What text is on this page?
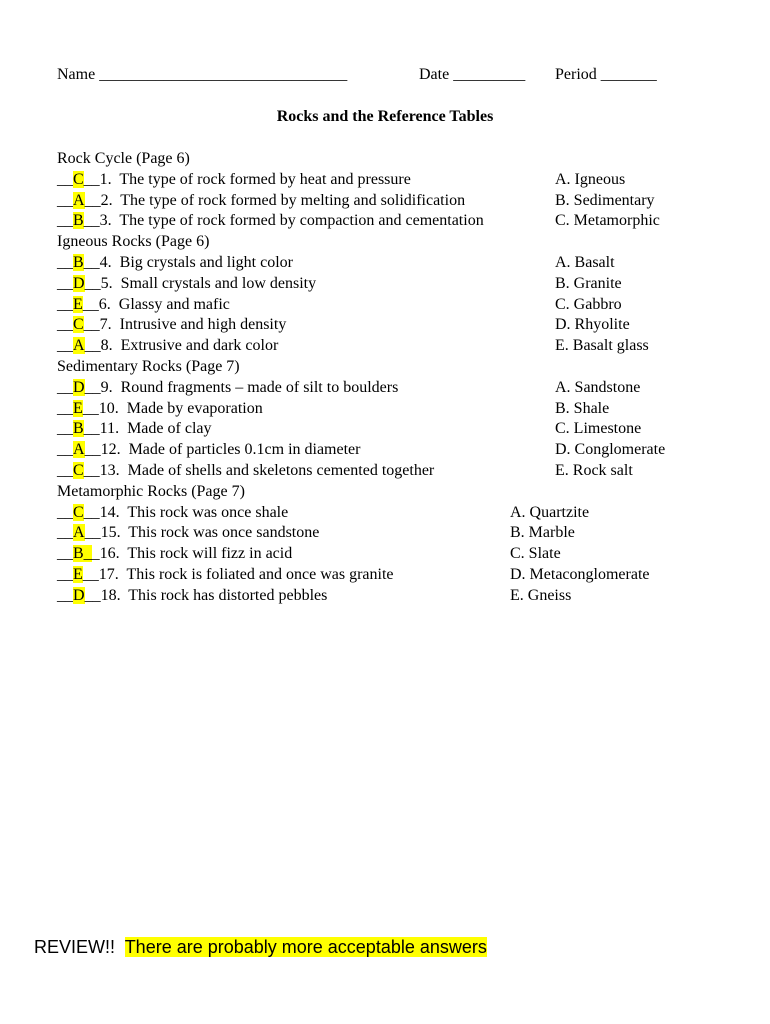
Name _______________________________	Date _________ Period _______
Rocks and the Reference Tables
Rock Cycle (Page 6)
__C__1.  The type of rock formed by heat and pressure	A. Igneous
__A__2.  The type of rock formed by melting and solidification	B. Sedimentary
__B__3.  The type of rock formed by compaction and cementation	C. Metamorphic
Igneous Rocks (Page 6)
__B__4.  Big crystals and light color	A. Basalt
__D__5.  Small crystals and low density	B. Granite
__E__6.  Glassy and mafic	C. Gabbro
__C__7.  Intrusive and high density	D. Rhyolite
__A__8.  Extrusive and dark color	E. Basalt glass
Sedimentary Rocks (Page 7)
__D__9.  Round fragments – made of silt to boulders	A. Sandstone
__E__10.  Made by evaporation	B. Shale
__B__11.  Made of clay	C. Limestone
__A__12.  Made of particles 0.1cm in diameter	D. Conglomerate
__C__13.  Made of shells and skeletons cemented together	E. Rock salt
Metamorphic Rocks (Page 7)
__C__14.  This rock was once shale	A. Quartzite
__A__15.  This rock was once sandstone	B. Marble
__B__16.  This rock will fizz in acid	C. Slate
__E__17.  This rock is foliated and once was granite	D. Metaconglomerate
__D__18.  This rock has distorted pebbles	E. Gneiss
REVIEW!!  There are probably more acceptable answers
